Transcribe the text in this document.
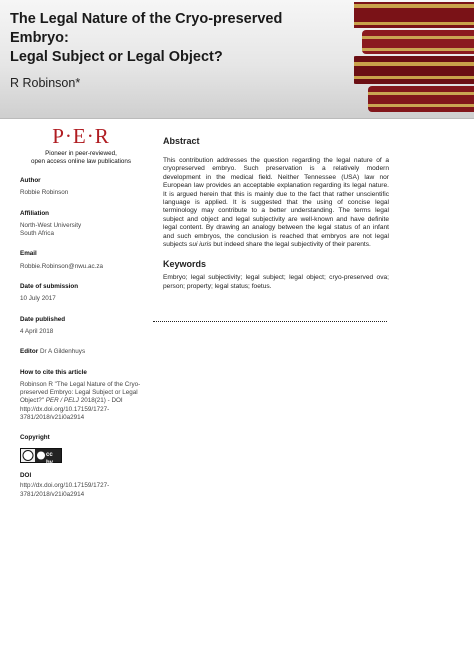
The Legal Nature of the Cryo-preserved Embryo:
Legal Subject or Legal Object?
R Robinson*
P·E·R
Pioneer in peer-reviewed,
open access online law publications
Author
Robbie Robinson
Affiliation
North-West University
South Africa
Email
Robbie.Robinson@nwu.ac.za
Date of submission
10 July 2017
Date published
4 April 2018
Editor Dr A Gildenhuys
How to cite this article
Robinson R "The Legal Nature of the Cryo-preserved Embryo: Legal Subject or Legal Object?" PER / PELJ 2018(21) - DOI http://dx.doi.org/10.17159/1727-3781/2018/v21i0a2914
Copyright
cc by
DOI
http://dx.doi.org/10.17159/1727-3781/2018/v21i0a2914
Abstract

This contribution addresses the question regarding the legal nature of a cryopreserved embryo. Such preservation is a relatively modern development in the medical field. Neither Tennessee (USA) law nor European law provides an acceptable explanation regarding its legal nature. It is argued herein that this is mainly due to the fact that rather unscientific language is applied. It is suggested that the using of concise legal terminology may contribute to a better understanding. The terms legal subject and object and legal subjectivity are well-known and have definite legal content. By drawing an analogy between the legal status of an infant and such embryos, the conclusion is reached that embryos are not legal subjects sui iuris but indeed share the legal subjectivity of their parents.

Keywords

Embryo; legal subjectivity; legal subject; legal object; cryo-preserved ova; person; property; legal status; foetus.
